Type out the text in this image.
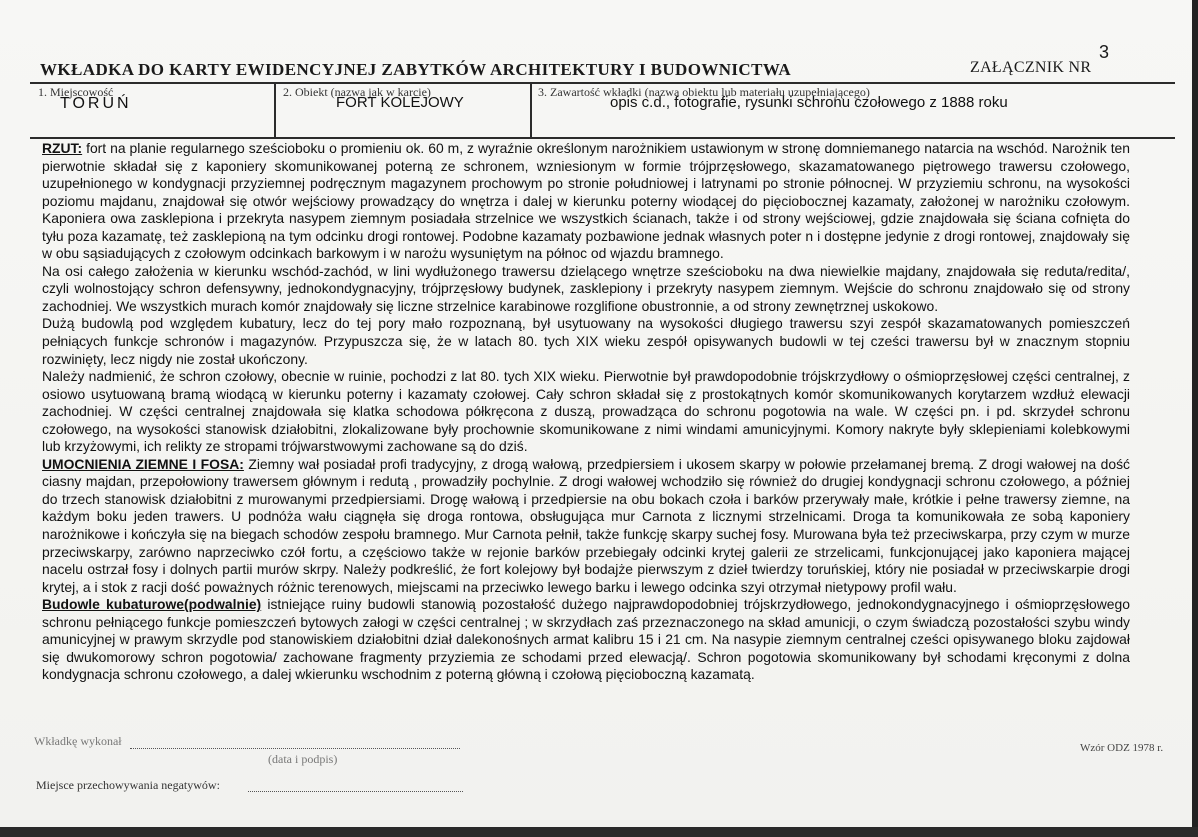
3
WKŁADKA DO KARTY EWIDENCYJNEJ ZABYTKÓW ARCHITEKTURY I BUDOWNICTWA	ZAŁĄCZNIK NR
1. Miejscowość
TORUŃ
2. Obiekt (nazwa jak w karcie)
FORT KOLEJOWY
3. Zawartość wkładki (nazwa obiektu lub materiału uzupełniającego)
opis c.d., fotografie, rysunki schronu czołowego z 1888 roku

RZUT: fort na planie regularnego sześcioboku o promieniu ok. 60 m, z wyraźnie określonym narożnikiem ustawionym w stronę domniemanego natarcia na wschód. Narożnik ten pierwotnie składał się z kaponiery skomunikowanej poterną ze schronem, wzniesionym w formie trójprzęsłowego, skazamatowanego piętrowego trawersu czołowego, uzupełnionego w kondygnacji przyziemnej podręcznym magazynem prochowym po stronie południowej i latrynami po stronie północnej. W przyziemiu schronu, na wysokości poziomu majdanu, znajdował się otwór wejściowy prowadzący do wnętrza i dalej w kierunku poterny wiodącej do pięciobocznej kazamaty, założonej w narożniku czołowym. Kaponiera owa zasklepiona i przekryta nasypem ziemnym posiadała strzelnice we wszystkich ścianach, także i od strony wejściowej, gdzie znajdowała się ściana cofnięta do tyłu poza kazamatę, też zasklepioną na tym odcinku drogi rontowej. Podobne kazamaty pozbawione jednak własnych poter n i dostępne jedynie z drogi rontowej, znajdowały się w obu sąsiadujących z czołowym odcinkach barkowym i w narożu wysuniętym na północ od wjazdu bramnego.

Na osi całego założenia w kierunku wschód-zachód, w lini wydłużonego trawersu dzielącego wnętrze sześcioboku na dwa niewielkie majdany, znajdowała się reduta/redita/, czyli wolnostojący schron defensywny, jednokondygnacyjny, trójprzęsłowy budynek, zasklepiony i przekryty nasypem ziemnym. Wejście do schronu znajdowało się od strony zachodniej. We wszystkich murach komór znajdowały się liczne strzelnice karabinowe rozglifione obustronnie, a od strony zewnętrznej uskokowo.

Dużą budowlą pod względem kubatury, lecz do tej pory mało rozpoznaną, był usytuowany na wysokości długiego trawersu szyi zespół skazamatowanych pomieszczeń pełniących funkcje schronów i magazynów. Przypuszcza się, że w latach 80. tych XIX wieku zespół opisywanych budowli w tej cześci trawersu był w znacznym stopniu rozwinięty, lecz nigdy nie został ukończony.

Należy nadmienić, że schron czołowy, obecnie w ruinie, pochodzi z lat 80. tych XIX wieku. Pierwotnie był prawdopodobnie trójskrzydłowy o ośmioprzęsłowej części centralnej, z osiowo usytuowaną bramą wiodącą w kierunku poterny i kazamaty czołowej. Cały schron składał się z prostokątnych komór skomunikowanych korytarzem wzdłuż elewacji zachodniej. W części centralnej znajdowała się klatka schodowa półkręcona z duszą, prowadząca do schronu pogotowia na wale. W części pn. i pd. skrzydeł schronu czołowego, na wysokości stanowisk działobitni, zlokalizowane były prochownie skomunikowane z nimi windami amunicyjnymi. Komory nakryte były sklepieniami kolebkowymi lub krzyżowymi, ich relikty ze stropami trójwarstwowymi zachowane są do dziś.

UMOCNIENIA ZIEMNE I FOSA: Ziemny wał posiadał profi tradycyjny, z drogą wałową, przedpiersiem i ukosem skarpy w połowie przełamanej bremą. Z drogi wałowej na dość ciasny majdan, przepołowiony trawersem głównym i redutą , prowadziły pochylnie. Z drogi wałowej wchodziło się również do drugiej kondygnacji schronu czołowego, a później do trzech stanowisk działobitni z murowanymi przedpiersiami. Drogę wałową i przedpiersie na obu bokach czoła i barków przerywały małe, krótkie i pełne trawersy ziemne, na każdym boku jeden trawers. U podnóża wału ciągnęła się droga rontowa, obsługująca mur Carnota z licznymi strzelnicami. Droga ta komunikowała ze sobą kaponiery narożnikowe i kończyła się na biegach schodów zespołu bramnego. Mur Carnota pełnił, także funkcję skarpy suchej fosy. Murowana była też przeciwskarpa, przy czym w murze przeciwskarpy, zarówno naprzeciwko czół fortu, a częściowo także w rejonie barków przebiegały odcinki krytej galerii ze strzelicami, funkcjonującej jako kaponiera mającej nacelu ostrzał fosy i dolnych partii murów skrpy. Należy podkreślić, że fort kolejowy był bodajże pierwszym z dzieł twierdzy toruńskiej, który nie posiadał w przeciwskarpie drogi krytej, a i stok z racji dość poważnych różnic terenowych, miejscami na przeciwko lewego barku i lewego odcinka szyi otrzymał nietypowy profil wału.

Budowle kubaturowe(podwalnie) istniejące ruiny budowli stanowią pozostałość dużego najprawdopodobniej trójskrzydłowego, jednokondygnacyjnego i ośmioprzęsłowego schronu pełniącego funkcje pomieszczeń bytowych załogi w części centralnej ; w skrzydłach zaś przeznaczonego na skład amunicji, o czym świadczą pozostałości szybu windy amunicyjnej w prawym skrzydle pod stanowiskiem działobitni dział dalekonośnych armat kalibru 15 i 21 cm. Na nasypie ziemnym centralnej cześci opisywanego bloku zajdował się dwukomorowy schron pogotowia/ zachowane fragmenty przyziemia ze schodami przed elewacją/. Schron pogotowia skomunikowany był schodami kręconymi z dolna kondygnacja schronu czołowego, a dalej wkierunku wschodnim z poterną główną i czołową pięcioboczną kazamatą.

Wkładkę wykonał
(data i podpis)
Wzór ODZ 1978 r.
Miejsce przechowywania negatywów:
